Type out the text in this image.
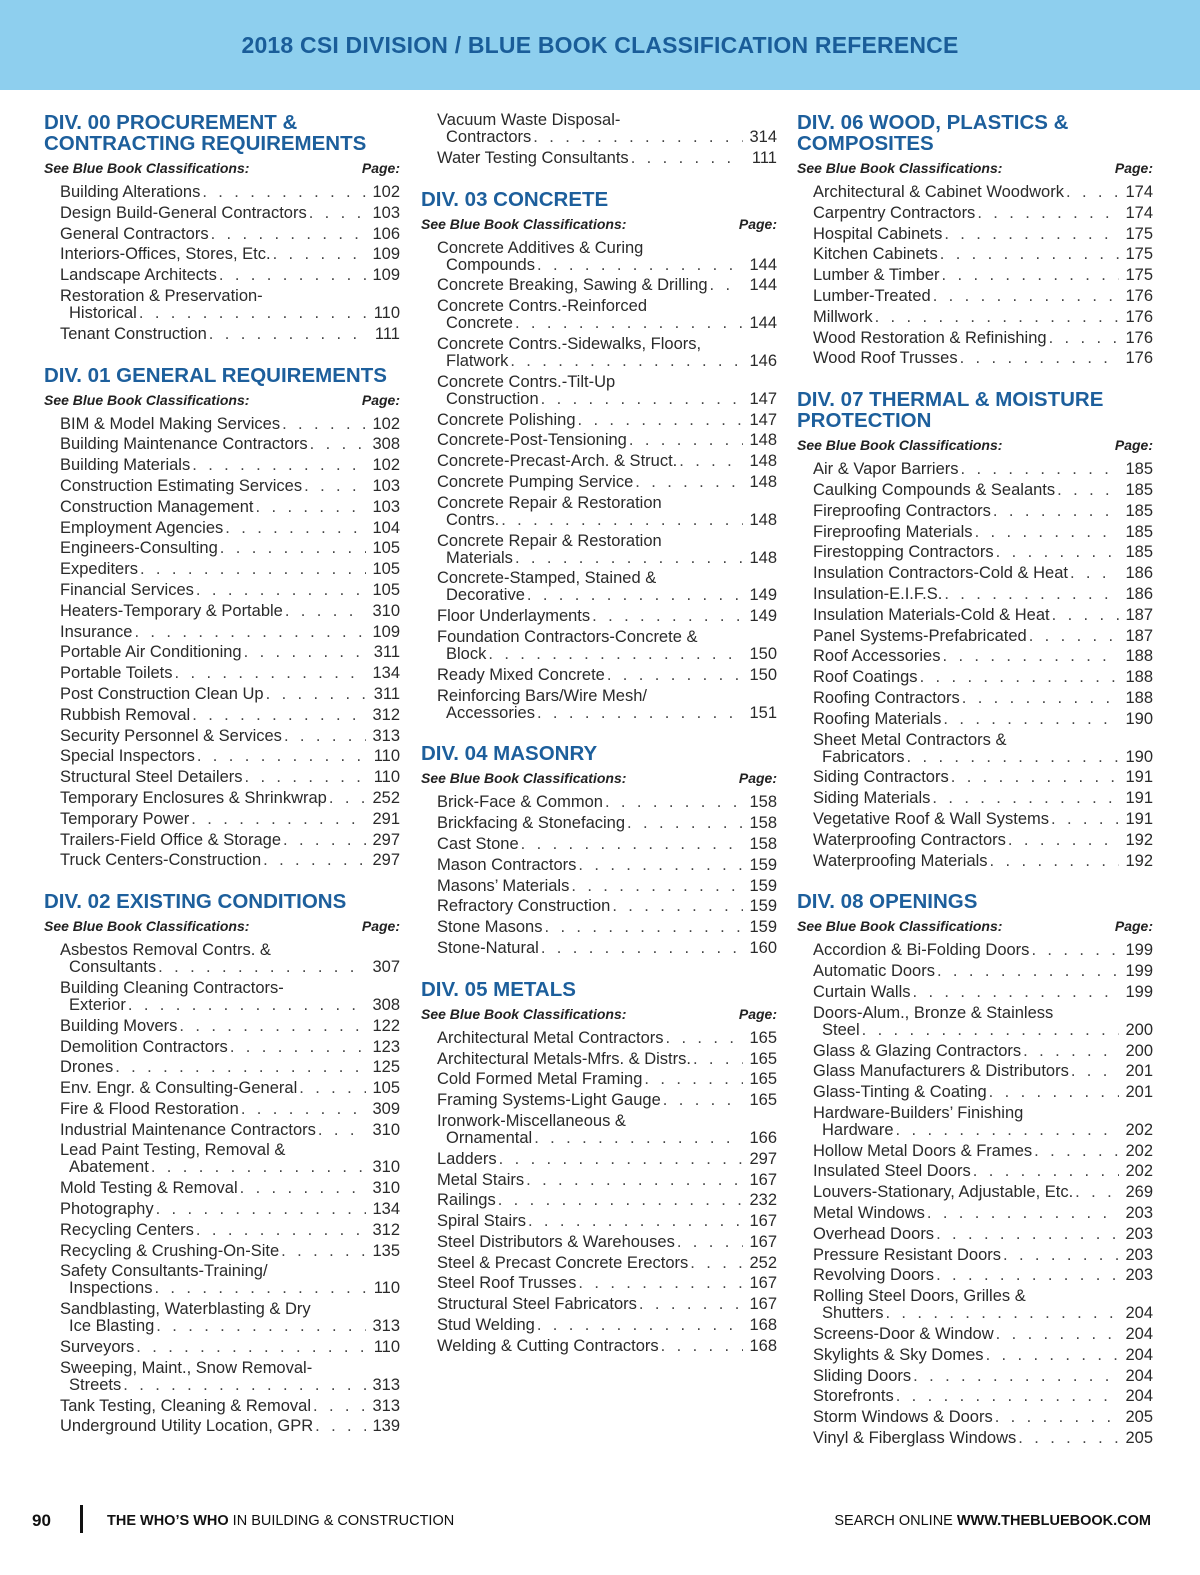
2018 CSI DIVISION / BLUE BOOK CLASSIFICATION REFERENCE
DIV. 00 PROCUREMENT & CONTRACTING REQUIREMENTS
See Blue Book Classifications:	Page:
Building Alterations . . .	102
Design Build-General Contractors . . .	103
General Contractors . . .	106
Interiors-Offices, Stores, Etc. . . .	109
Landscape Architects . . .	109
Restoration & Preservation-
Historical . . .	110
Tenant Construction . . .	111
DIV. 01 GENERAL REQUIREMENTS
See Blue Book Classifications:	Page:
BIM & Model Making Services . . .	102
Building Maintenance Contractors . . .	308
Building Materials . . .	102
Construction Estimating Services . . .	103
Construction Management . . .	103
Employment Agencies . . .	104
Engineers-Consulting . . .	105
Expediters . . .	105
Financial Services . . .	105
Heaters-Temporary & Portable . . .	310
Insurance . . .	109
Portable Air Conditioning . . .	311
Portable Toilets . . .	134
Post Construction Clean Up . . .	311
Rubbish Removal . . .	312
Security Personnel & Services . . .	313
Special Inspectors . . .	110
Structural Steel Detailers . . .	110
Temporary Enclosures & Shrinkwrap . . .	252
Temporary Power . . .	291
Trailers-Field Office & Storage . . .	297
Truck Centers-Construction . . .	297
DIV. 02 EXISTING CONDITIONS
See Blue Book Classifications:	Page:
Asbestos Removal Contrs. &
Consultants . . .	307
Building Cleaning Contractors-
Exterior . . .	308
Building Movers . . .	122
Demolition Contractors . . .	123
Drones . . .	125
Env. Engr. & Consulting-General . . .	105
Fire & Flood Restoration . . .	309
Industrial Maintenance Contractors . . .	310
Lead Paint Testing, Removal &
Abatement . . .	310
Mold Testing & Removal . . .	310
Photography . . .	134
Recycling Centers . . .	312
Recycling & Crushing-On-Site . . .	135
Safety Consultants-Training/
Inspections . . .	110
Sandblasting, Waterblasting & Dry
Ice Blasting . . .	313
Surveyors . . .	110
Sweeping, Maint., Snow Removal-
Streets . . .	313
Tank Testing, Cleaning & Removal . . .	313
Underground Utility Location, GPR . . .	139
Vacuum Waste Disposal-
Contractors . . .	314
Water Testing Consultants . . .	111
DIV. 03 CONCRETE
See Blue Book Classifications:	Page:
Concrete Additives & Curing
Compounds . . .	144
Concrete Breaking, Sawing & Drilling . . .	144
Concrete Contrs.-Reinforced
Concrete . . .	144
Concrete Contrs.-Sidewalks, Floors,
Flatwork . . .	146
Concrete Contrs.-Tilt-Up
Construction . . .	147
Concrete Polishing . . .	147
Concrete-Post-Tensioning . . .	148
Concrete-Precast-Arch. & Struct. . . .	148
Concrete Pumping Service . . .	148
Concrete Repair & Restoration
Contrs. . . .	148
Concrete Repair & Restoration
Materials . . .	148
Concrete-Stamped, Stained &
Decorative . . .	149
Floor Underlayments . . .	149
Foundation Contractors-Concrete &
Block . . .	150
Ready Mixed Concrete . . .	150
Reinforcing Bars/Wire Mesh/
Accessories . . .	151
DIV. 04 MASONRY
See Blue Book Classifications:	Page:
Brick-Face & Common . . .	158
Brickfacing & Stonefacing . . .	158
Cast Stone . . .	158
Mason Contractors . . .	159
Masons’ Materials . . .	159
Refractory Construction . . .	159
Stone Masons . . .	159
Stone-Natural . . .	160
DIV. 05 METALS
See Blue Book Classifications:	Page:
Architectural Metal Contractors . . .	165
Architectural Metals-Mfrs. & Distrs. . . .	165
Cold Formed Metal Framing . . .	165
Framing Systems-Light Gauge . . .	165
Ironwork-Miscellaneous &
Ornamental . . .	166
Ladders . . .	297
Metal Stairs . . .	167
Railings . . .	232
Spiral Stairs . . .	167
Steel Distributors & Warehouses . . .	167
Steel & Precast Concrete Erectors . . .	252
Steel Roof Trusses . . .	167
Structural Steel Fabricators . . .	167
Stud Welding . . .	168
Welding & Cutting Contractors . . .	168
DIV. 06 WOOD, PLASTICS & COMPOSITES
See Blue Book Classifications:	Page:
Architectural & Cabinet Woodwork . . .	174
Carpentry Contractors . . .	174
Hospital Cabinets . . .	175
Kitchen Cabinets . . .	175
Lumber & Timber . . .	175
Lumber-Treated . . .	176
Millwork . . .	176
Wood Restoration & Refinishing . . .	176
Wood Roof Trusses . . .	176
DIV. 07 THERMAL & MOISTURE PROTECTION
See Blue Book Classifications:	Page:
Air & Vapor Barriers . . .	185
Caulking Compounds & Sealants . . .	185
Fireproofing Contractors . . .	185
Fireproofing Materials . . .	185
Firestopping Contractors . . .	185
Insulation Contractors-Cold & Heat . . .	186
Insulation-E.I.F.S. . . .	186
Insulation Materials-Cold & Heat . . .	187
Panel Systems-Prefabricated . . .	187
Roof Accessories . . .	188
Roof Coatings . . .	188
Roofing Contractors . . .	188
Roofing Materials . . .	190
Sheet Metal Contractors &
Fabricators . . .	190
Siding Contractors . . .	191
Siding Materials . . .	191
Vegetative Roof & Wall Systems . . .	191
Waterproofing Contractors . . .	192
Waterproofing Materials . . .	192
DIV. 08 OPENINGS
See Blue Book Classifications:	Page:
Accordion & Bi-Folding Doors . . .	199
Automatic Doors . . .	199
Curtain Walls . . .	199
Doors-Alum., Bronze & Stainless
Steel . . .	200
Glass & Glazing Contractors . . .	200
Glass Manufacturers & Distributors . . .	201
Glass-Tinting & Coating . . .	201
Hardware-Builders’ Finishing
Hardware . . .	202
Hollow Metal Doors & Frames . . .	202
Insulated Steel Doors . . .	202
Louvers-Stationary, Adjustable, Etc. . . .	269
Metal Windows . . .	203
Overhead Doors . . .	203
Pressure Resistant Doors . . .	203
Revolving Doors . . .	203
Rolling Steel Doors, Grilles &
Shutters . . .	204
Screens-Door & Window . . .	204
Skylights & Sky Domes . . .	204
Sliding Doors . . .	204
Storefronts . . .	204
Storm Windows & Doors . . .	205
Vinyl & Fiberglass Windows . . .	205
90	THE WHO’S WHO IN BUILDING & CONSTRUCTION	SEARCH ONLINE WWW.THEBLUEBOOK.COM
